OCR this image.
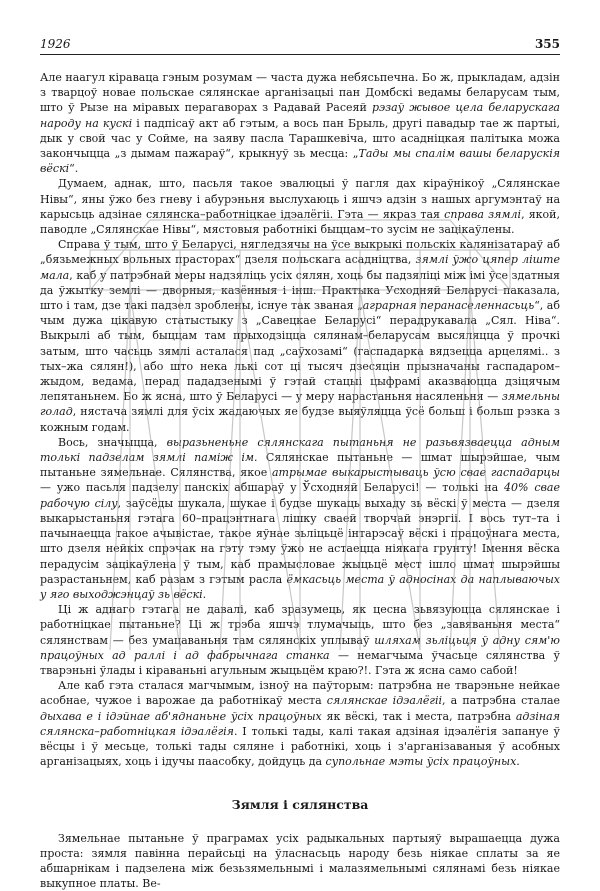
1926	355

Але наагул кіраваца гэным розумам — часта дужа небясьпечна. Бо ж, прыкладам, адзін з тварцоў новае польскае сялянскае арганізацыі пан Домбскі ведамы беларусам тым, што ў Рызе на міравых перагаворах з Радавай Расеяй рэзаў жывое цела беларускага народу на кускі і падпісаў акт аб гэтым, а вось пан Брыль, другі павадыр тае ж партыі, дык у свой час у Сойме, на заяву пасла Тарашкевіча, што асадніцкая палітыка можа закончыцца „з дымам пажараў“, крыкнуў зь месца: „Тады мы спалім вашы беларускія вёскі“.

Думаем, аднак, што, пасьля такое эвалюцыі ў пагля дах кіраўнікоў „Сялянскае Нівы“, яны ўжо без гневу і абурэньня выслухаюць і яшчэ адзін з нашых аргумэнтаў на карысьць адзінае сялянска–работніцкае ідэалёгіі. Гэта — якраз тая справа зямлі, якой, паводле „Сялянскае Нівы“, мястовыя работнікі быццам–то зусім не зацікаўлены.

Справа ў тым, што ў Беларусі, нягледзячы на ўсе выкрыкі польскіх калянізатараў аб „бязьмежных вольных прасторах“ дзеля польскага асадніцтва, зямлі ўжо цяпер ліште мала, каб у патрэбнай меры надзяліць усіх сялян, хоць бы падзяліці між імі ўсе здатныя да ўжытку землі — дворныя, казённыя і інш. Практыка Усходняй Беларусі паказала, што і там, дзе такі падзел зроблены, існуе так званая „аграрная перанаселеннасьць“, аб чым дужа цікавую статыстыку з „Савецкае Беларусі“ перадрукавала „Сял. Ніва“. Выкрылі аб тым, быццам там прыходзіцца сялянам–беларусам высяляцца ў прочкі затым, што часьць зямлі асталася пад „саўхозамі“ (гаспадарка вядзецца арцелямі.. з тых–жа сялян!), або што нека лькі сот ці тысяч дзесяцін прызначаны гаспадаром–жыдом, ведама, перад пададзенымі ў гэтай стацыі цыфрамі аказваюцца дзіцячым лепятаньнем. Бо ж ясна, што ў Беларусі — у меру нарастаньня насяленьня — зямельны голад, нястача зямлі для ўсіх жадаючых яе будзе выяўляцца ўсё больш і больш рэзка з кожным годам.

Вось, значыцца, выразьненьне сялянскага пытаньня не разьвязваецца адным толькі падзелам зямлі паміж ім. Сялянскае пытаньне — шмат шырэйшае, чым пытаньне зямельнае. Сялянства, якое атрымае выкарыстываць ўсю свае гаспадарцы — ужо пасьля падзелу панскіх абшараў у Ўсходняй Беларусі! — толькі на 40% свае рабочую сілу, заўсёды шукала, шукае і будзе шукаць выхаду зь вёскі ў места — дзеля выкарыстаньня гэтага 60–працэнтнага лішку сваей творчай энэргіі. І вось тут–та і пачынаецца такое ачывістае, такое яўнае зьліцьцё інтарэсаў вёскі і працоўнага места, што дзеля нейкіх спрэчак на гэту тэму ўжо не астаецца ніякага грунту! Імення вёска перадусім зацікаўлена ў тым, каб прамысловае жыцьцё мест ішло шмат шырэйшы разрастаньнем, каб разам з гэтым расла ёмкасьць места ў адносінах да наплываючых у яго выходжэнцаў зь вёскі.

Ці ж аднаго гэтага не давалі, каб зразумець, як цесна зьвязуюцца сялянскае і работніцкае пытаньне? Ці ж трэба яшчэ тлумачыць, што без „завяваньня места“ сялянствам — без умацаваньня там сялянскіх уплываў шляхам зьліцьця ў адну сям'ю працоўных ад раллі і ад фабрычнага станка — немагчыма ўчасьце сялянства ў тварэньні ўлады і кіраваньні агульным жыцьцём краю?!. Гэта ж ясна само сабой!

Але каб гэта сталася магчымым, ізноў на паўторым: патрэбна не тварэньне нейкае асобнае, чужое і варожае да работнікаў места сялянскае ідэалёгіі, а патрэбна сталае дыхава е і ідэйнае аб'яднаньне ўсіх працоўных як вёскі, так і места, патрэбна адзіная сялянска–работніцкая ідэалёгія. І толькі тады, калі такая адзіная ідэалёгія запануе ў вёсцы і ў месьце, толькі тады сяляне і работнікі, хоць і з'арганізаваныя ў асобных арганізацыях, хоць і ідучы паасобку, дойдуць да супольнае мэты ўсіх працоўных.

Зямля і сялянства

Зямельнае пытаньне ў праграмах усіх радыкальных партыяў вырашаецца дужа проста: зямля павінна перайсьці на ўласнасьць народу безь ніякае сплаты за яе абшарнікам і падзелена між безьзямельнымі і малазямельнымі сялянамі безь ніякае выкупное платы. Ве-
